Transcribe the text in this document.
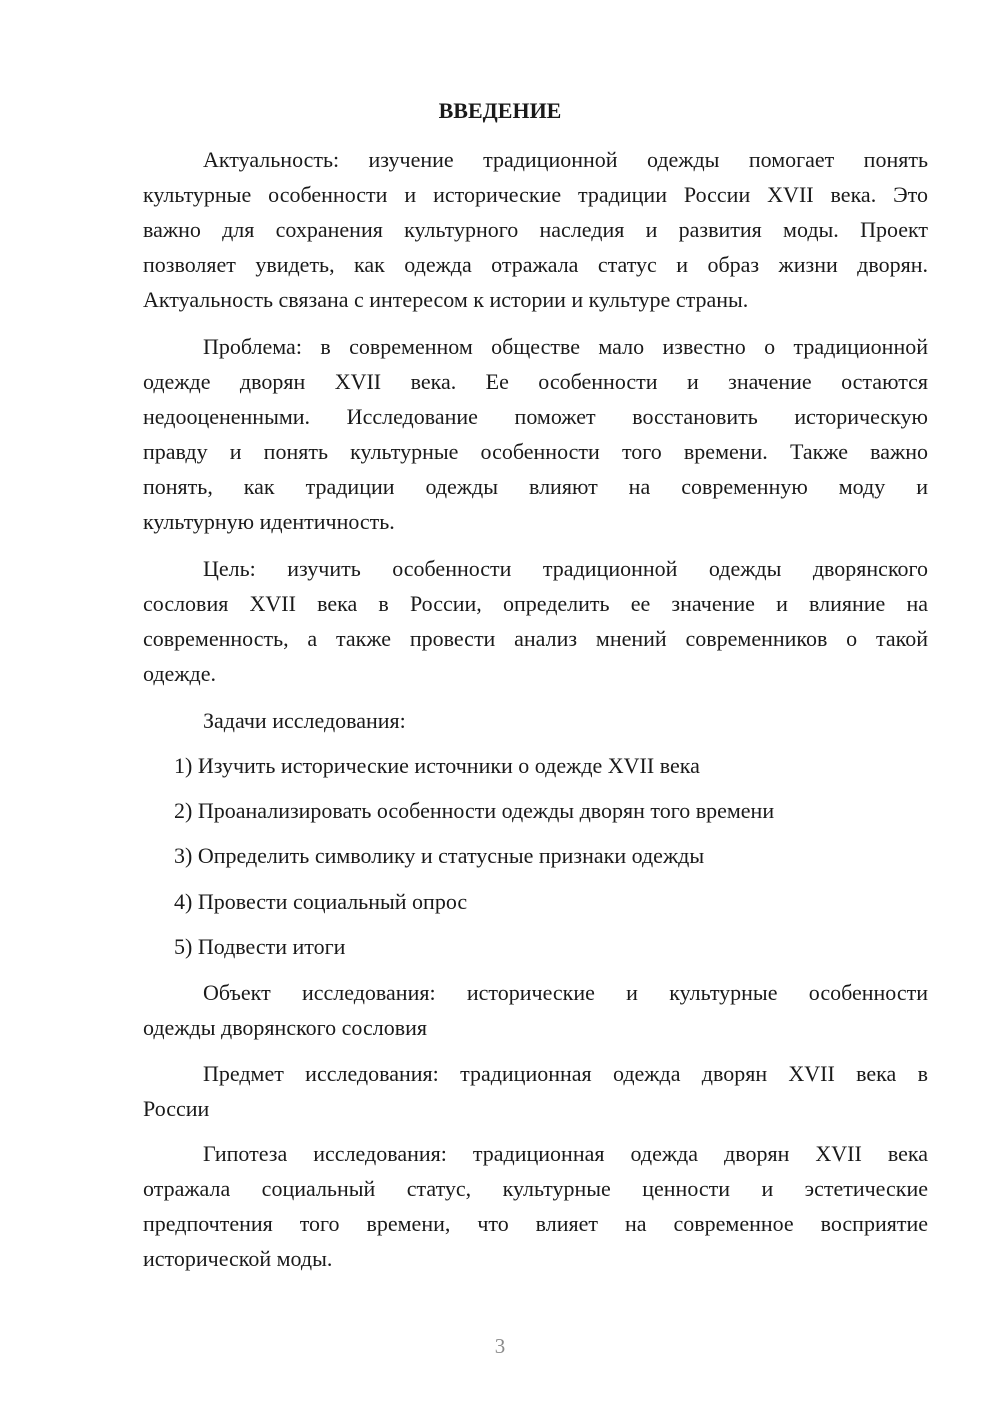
ВВЕДЕНИЕ
Актуальность: изучение традиционной одежды помогает понять
культурные особенности и исторические традиции России XVII века. Это
важно для сохранения культурного наследия и развития моды. Проект
позволяет увидеть, как одежда отражала статус и образ жизни дворян.
Актуальность связана с интересом к истории и культуре страны.
Проблема: в современном обществе мало известно о традиционной
одежде дворян XVII века. Ее особенности и значение остаются
недооцененными. Исследование поможет восстановить историческую
правду и понять культурные особенности того времени. Также важно
понять, как традиции одежды влияют на современную моду и
культурную идентичность.
Цель: изучить особенности традиционной одежды дворянского
сословия XVII века в России, определить ее значение и влияние на
современность, а также провести анализ мнений современников о такой
одежде.
Задачи исследования:
1) Изучить исторические источники о одежде XVII века
2) Проанализировать особенности одежды дворян того времени
3) Определить символику и статусные признаки одежды
4) Провести социальный опрос
5) Подвести итоги
Объект исследования: исторические и культурные особенности
одежды дворянского сословия
Предмет исследования: традиционная одежда дворян XVII века в
России
Гипотеза исследования: традиционная одежда дворян XVII века
отражала социальный статус, культурные ценности и эстетические
предпочтения того времени, что влияет на современное восприятие
исторической моды.
3
